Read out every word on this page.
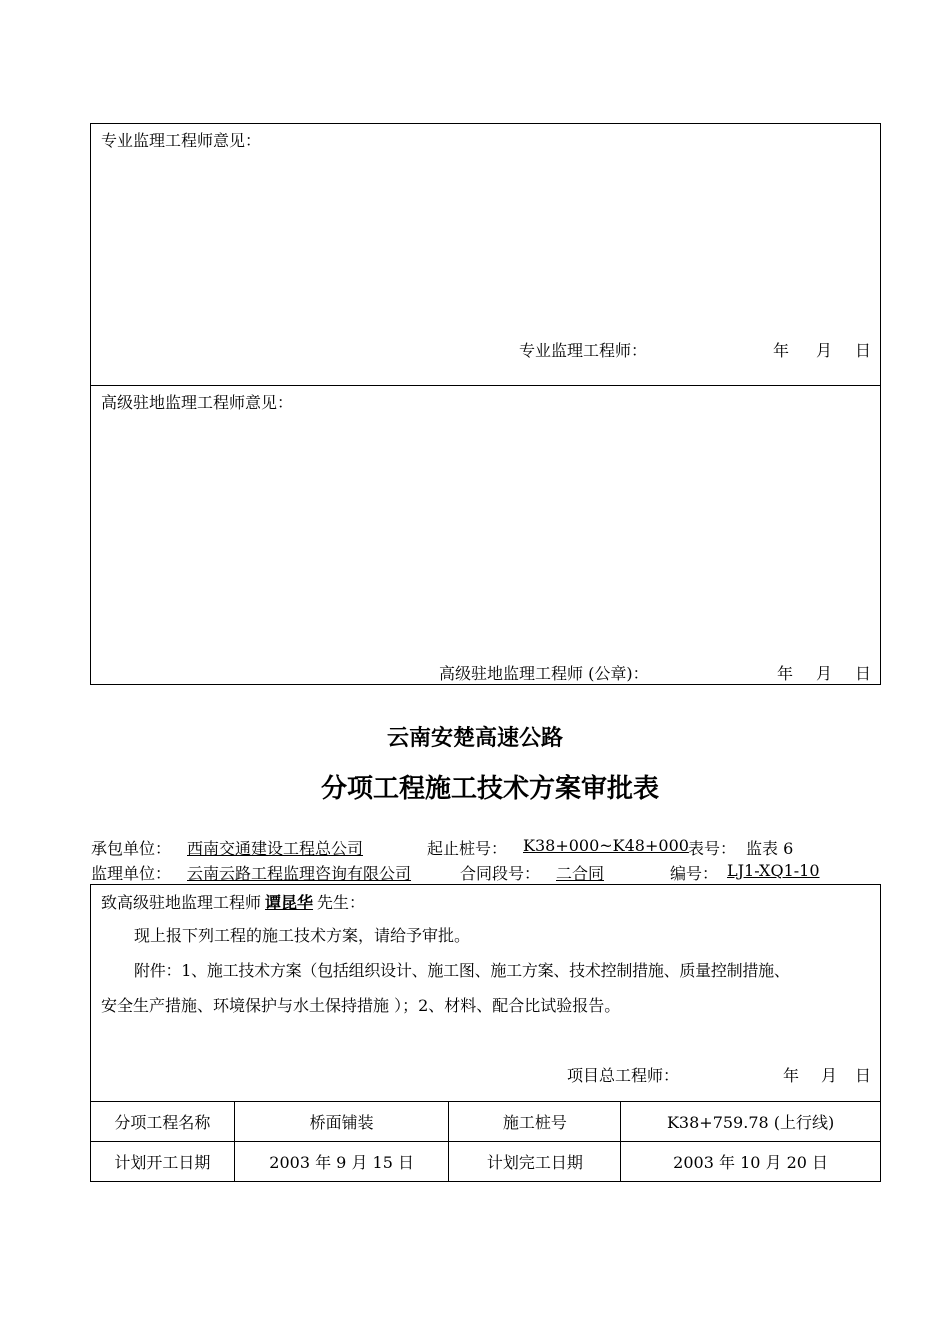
专业监理工程师意见：
专业监理工程师：	年 月 日
高级驻地监理工程师意见：
高级驻地监理工程师 (公章)：	年 月 日
云南安楚高速公路
分项工程施工技术方案审批表
承包单位： 西南交通建设工程总公司	起止桩号： K38+000~K48+000 表号： 监表 6
监理单位： 云南云路工程监理咨询有限公司	合同段号： 二合同	编号： LJ1-XQ1-10
致高级驻地监理工程师 谭昆华 先生：
现上报下列工程的施工技术方案，请给予审批。
附件：1、施工技术方案（包括组织设计、施工图、施工方案、技术控制措施、质量控制措施、
安全生产措施、环境保护与水土保持措施 ）；2、材料、配合比试验报告。
项目总工程师：	年 月 日
分项工程名称	桥面铺装	施工桩号	K38+759.78 (上行线)
计划开工日期	2003 年 9 月 15 日	计划完工日期	2003 年 10 月 20 日
